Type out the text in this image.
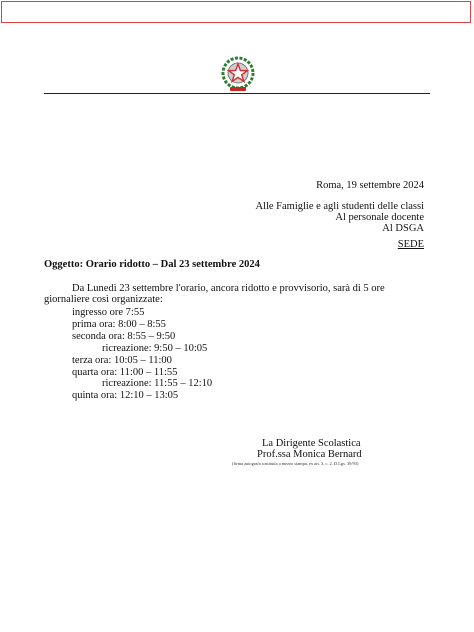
Roma, 19 settembre 2024
Alle Famiglie e agli studenti delle classi
Al personale docente
Al DSGA
SEDE
Oggetto: Orario ridotto – Dal 23 settembre 2024
Da Lunedì 23 settembre l'orario, ancora ridotto e provvisorio, sarà di 5 ore
giornaliere così organizzate:
ingresso ore 7:55
prima ora: 8:00 – 8:55
seconda ora: 8:55 – 9:50
ricreazione: 9:50 – 10:05
terza ora: 10:05 – 11:00
quarta ora: 11:00 – 11:55
ricreazione: 11:55 – 12:10
quinta ora: 12:10 – 13:05
La Dirigente Scolastica
Prof.ssa Monica Bernard
(firma autografa sostituita a mezzo stampa, ex art. 3, c. 2, D.Lgs. 39/93)
